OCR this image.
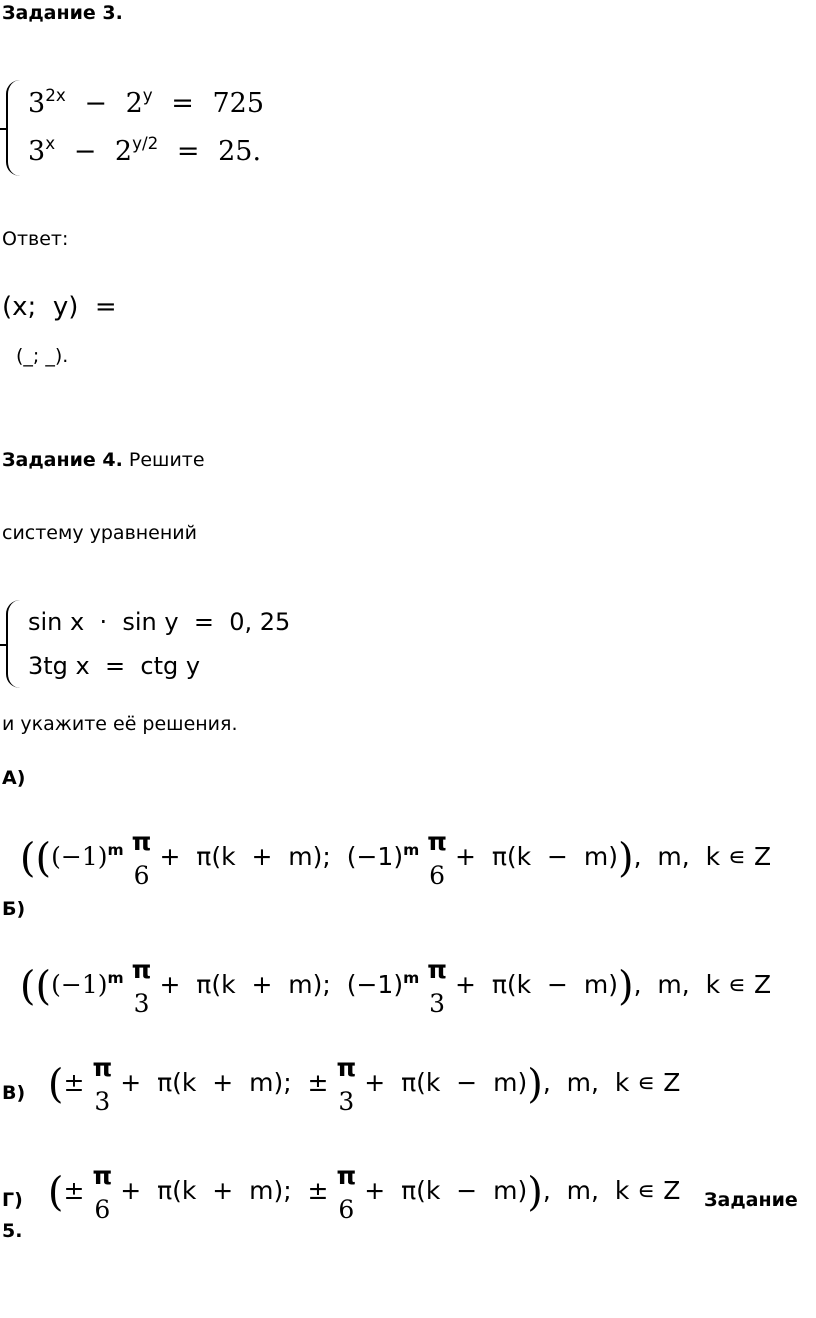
Задание 3.
$3^{2x} - 2^y = 725$
$3^x - 2^{y/2} = 25$.
Ответ:
(x;  y)  =
(_; _).
Задание 4. Решите
систему уравнений
sin x  ·  sin y  =  0, 25
3tg x  =  ctg y
и укажите её решения.
А)

(($(-1)^m$ π
6
+  π(k  +  m);  $(-1)^m$ π
6
+  π(k  −  m)),  m,  k ∊ Z

Б)

(($(-1)^m$ π
3
+  π(k  +  m);  $(-1)^m$ π
3
+  π(k  −  m)),  m,  k ∊ Z

(±
π
3
+  π(k  +  m);  ±
π
3
+  π(k  −  m)),  m,  k ∊ Z

В)

(±
π
6
+  π(k  +  m);  ±
π
6
+  π(k  −  m)),  m,  k ∊ Z

Г)	Задание
5.
